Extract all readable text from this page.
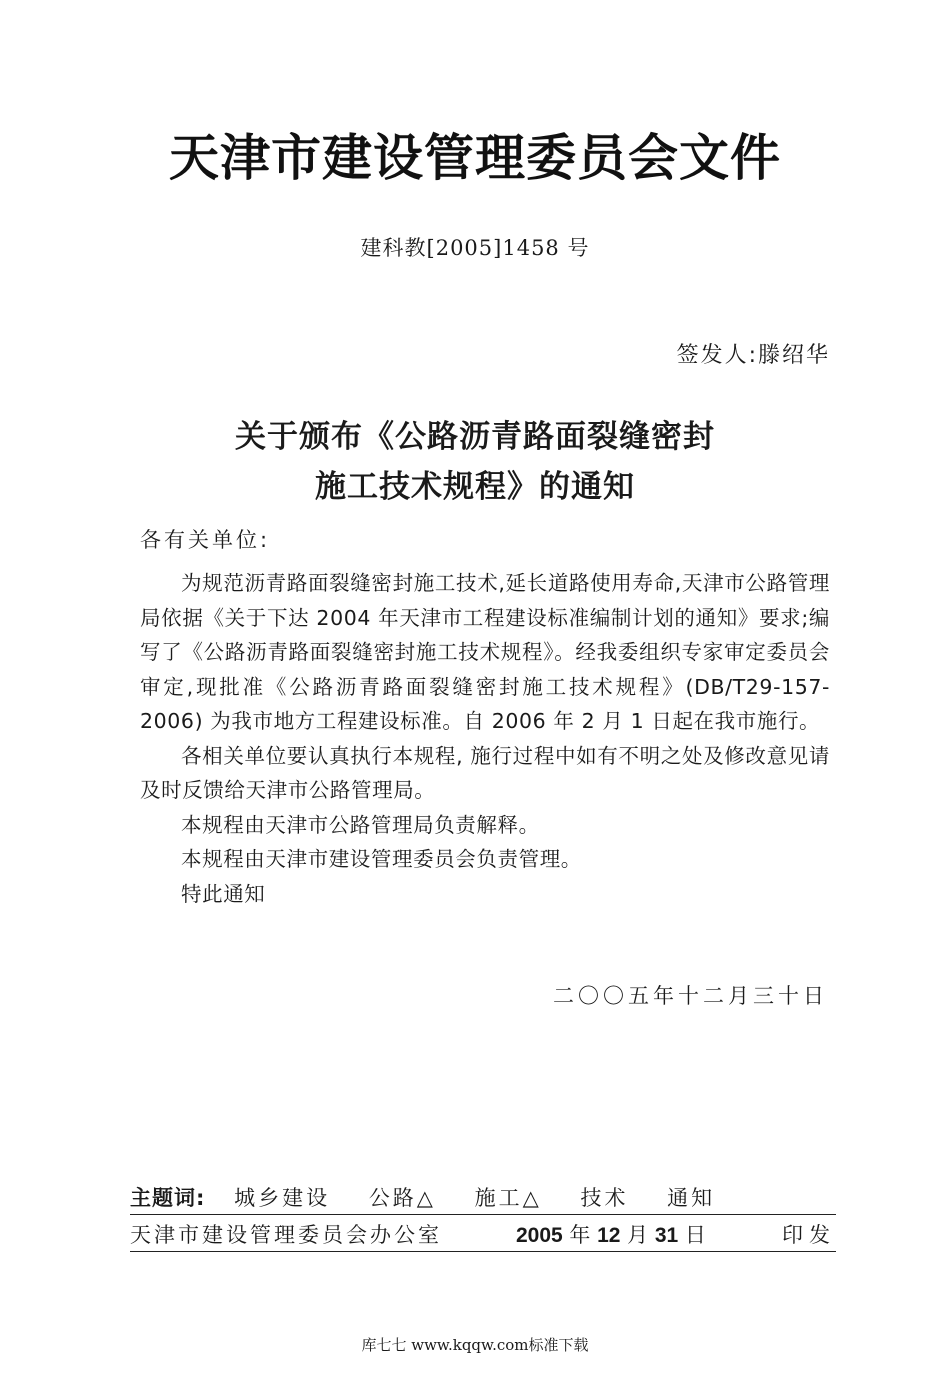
天津市建设管理委员会文件
建科教[2005]1458 号
签发人:滕绍华
关于颁布《公路沥青路面裂缝密封
施工技术规程》的通知
各有关单位:

为规范沥青路面裂缝密封施工技术,延长道路使用寿命,天津市公路管理局依据《关于下达 2004 年天津市工程建设标准编制计划的通知》要求;编写了《公路沥青路面裂缝密封施工技术规程》。经我委组织专家审定委员会审定,现批准《公路沥青路面裂缝密封施工技术规程》(DB/T29-157-2006) 为我市地方工程建设标准。自 2006 年 2 月 1 日起在我市施行。

各相关单位要认真执行本规程, 施行过程中如有不明之处及修改意见请及时反馈给天津市公路管理局。

本规程由天津市公路管理局负责解释。
本规程由天津市建设管理委员会负责管理。
特此通知
二〇〇五年十二月三十日
主题词: 城乡建设 公路△ 施工△ 技术 通知
天津市建设管理委员会办公室	2005 年 12 月 31 日	印发
库七七 www.kqqw.com标准下载
